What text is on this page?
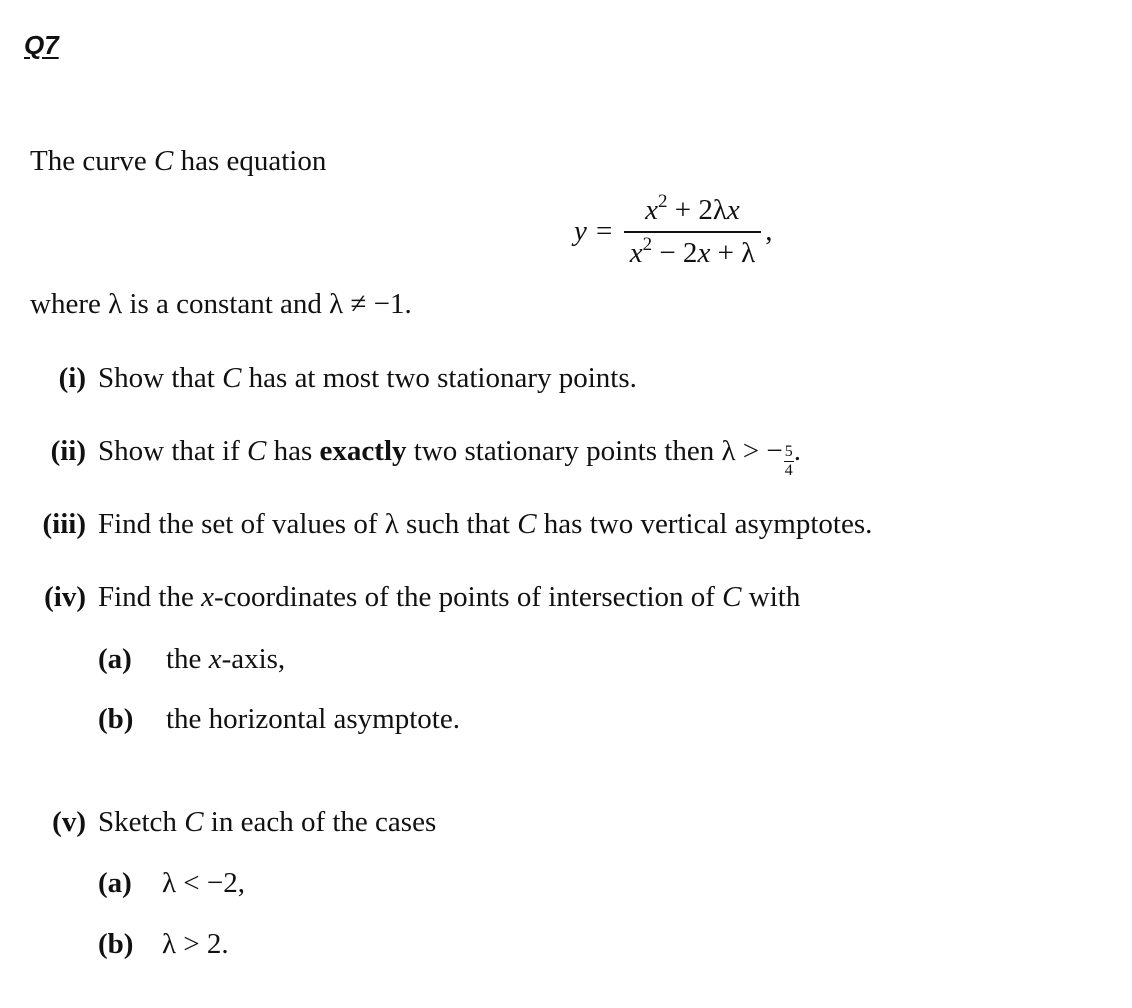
Q7
The curve C has equation
$y = \frac{x^2 + 2\lambda x}{x^2 - 2x + \lambda}$ ,
where λ is a constant and λ ≠ −1.
(i) Show that C has at most two stationary points.
(ii) Show that if C has exactly two stationary points then λ > − $\frac{5}{4}$ .
(iii) Find the set of values of λ such that C has two vertical asymptotes.
(iv) Find the x-coordinates of the points of intersection of C with
(a) the x-axis,
(b) the horizontal asymptote.
(v) Sketch C in each of the cases
(a) λ < −2,
(b) λ > 2.
